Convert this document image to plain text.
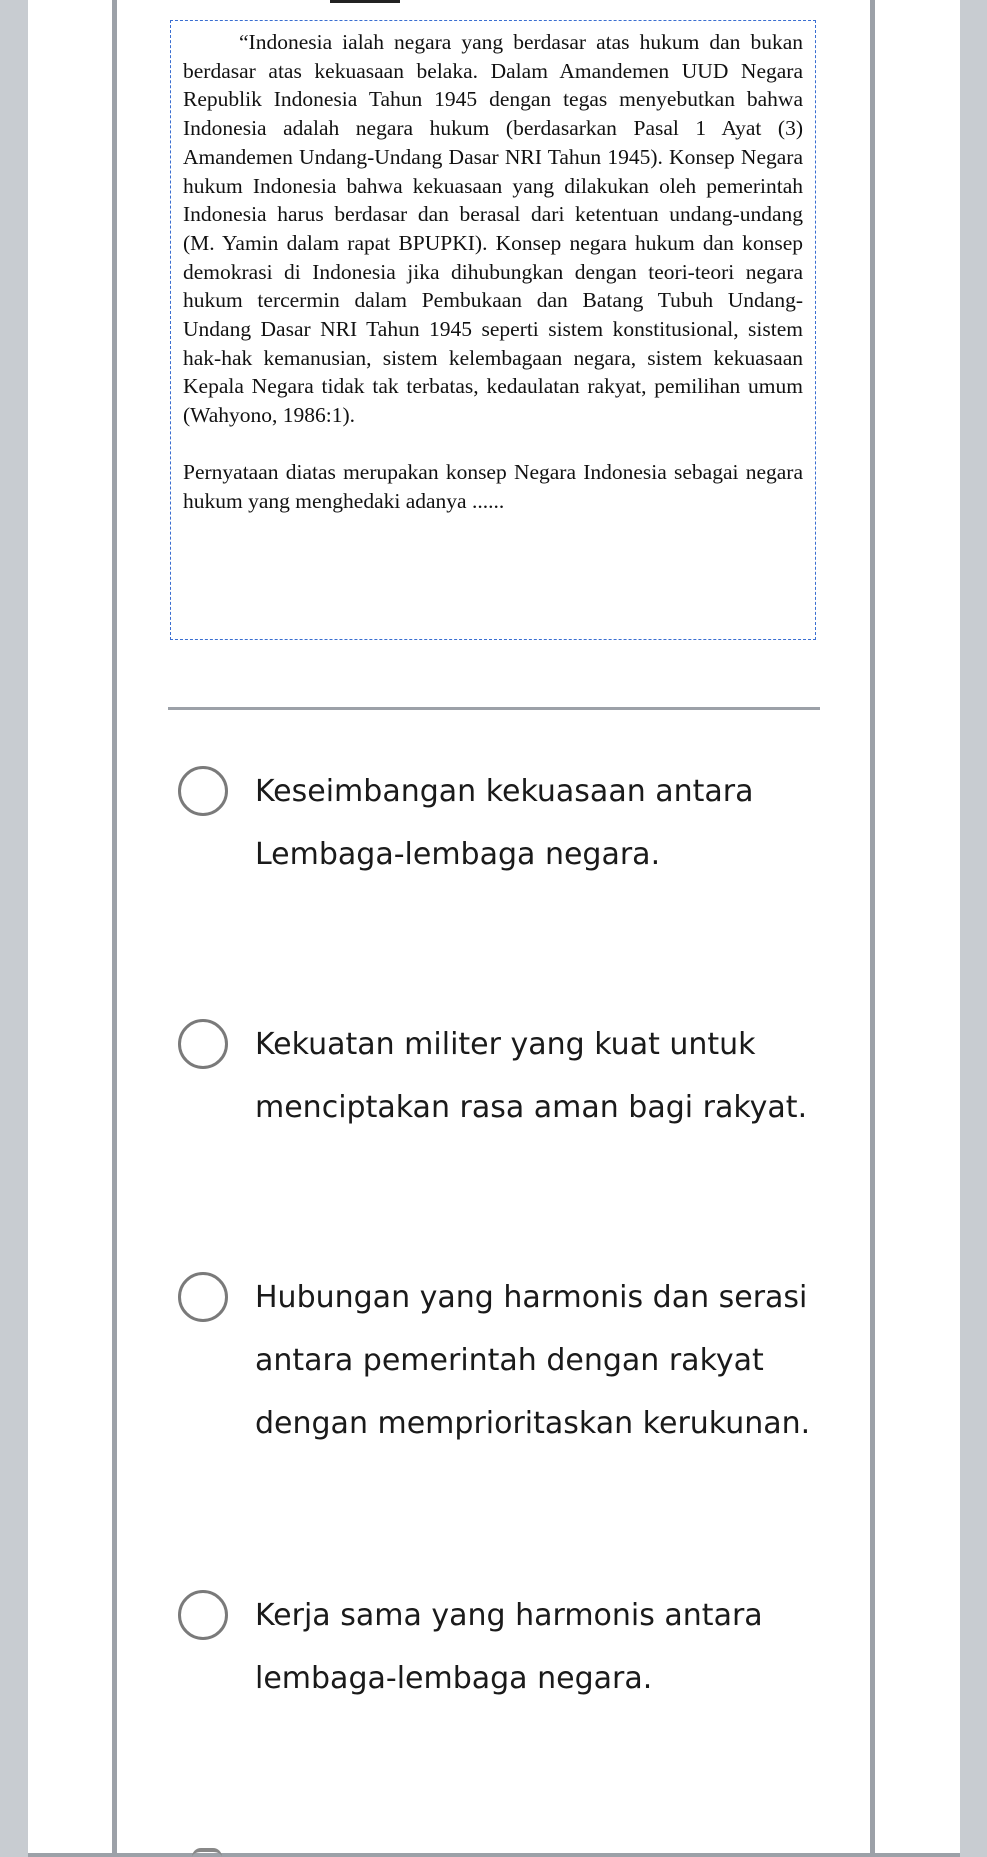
“Indonesia ialah negara yang berdasar atas hukum dan bukan berdasar atas kekuasaan belaka. Dalam Amandemen UUD Negara Republik Indonesia Tahun 1945 dengan tegas menyebutkan bahwa Indonesia adalah negara hukum (berdasarkan Pasal 1 Ayat (3) Amandemen Undang-Undang Dasar NRI Tahun 1945). Konsep Negara hukum Indonesia bahwa kekuasaan yang dilakukan oleh pemerintah Indonesia harus berdasar dan berasal dari ketentuan undang-undang (M. Yamin dalam rapat BPUPKI). Konsep negara hukum dan konsep demokrasi di Indonesia jika dihubungkan dengan teori-teori negara hukum tercermin dalam Pembukaan dan Batang Tubuh Undang-Undang Dasar NRI Tahun 1945 seperti sistem konstitusional, sistem hak-hak kemanusian, sistem kelembagaan negara, sistem kekuasaan Kepala Negara tidak tak terbatas, kedaulatan rakyat, pemilihan umum (Wahyono, 1986:1).

Pernyataan diatas merupakan konsep Negara Indonesia sebagai negara hukum yang menghedaki adanya ......

Keseimbangan kekuasaan antara Lembaga-lembaga negara.
Kekuatan militer yang kuat untuk menciptakan rasa aman bagi rakyat.
Hubungan yang harmonis dan serasi antara pemerintah dengan rakyat dengan memprioritaskan kerukunan.
Kerja sama yang harmonis antara lembaga-lembaga negara.
